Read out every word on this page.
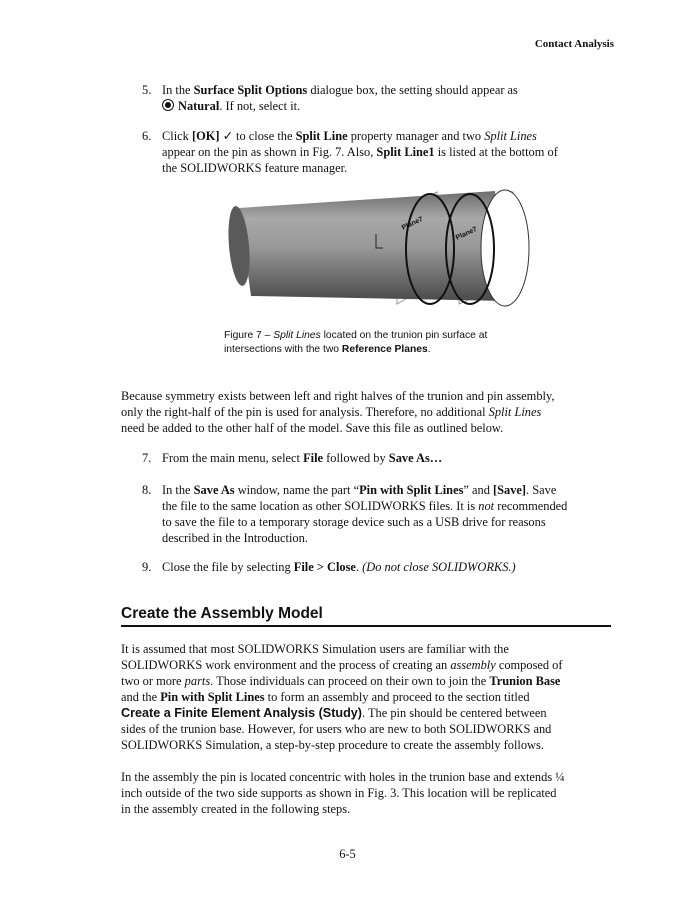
Contact Analysis
5. In the Surface Split Options dialogue box, the setting should appear as
Natural. If not, select it.
6. Click [OK] ✓ to close the Split Line property manager and two Split Lines
appear on the pin as shown in Fig. 7. Also, Split Line1 is listed at the bottom of
the SOLIDWORKS feature manager.
Plane7
Plane7
Figure 7 – Split Lines located on the trunion pin surface at
intersections with the two Reference Planes.
Because symmetry exists between left and right halves of the trunion and pin assembly,
only the right-half of the pin is used for analysis. Therefore, no additional Split Lines
need be added to the other half of the model. Save this file as outlined below.
7. From the main menu, select File followed by Save As…
8. In the Save As window, name the part “Pin with Split Lines” and [Save]. Save
the file to the same location as other SOLIDWORKS files. It is not recommended
to save the file to a temporary storage device such as a USB drive for reasons
described in the Introduction.
9. Close the file by selecting File > Close. (Do not close SOLIDWORKS.)
Create the Assembly Model
It is assumed that most SOLIDWORKS Simulation users are familiar with the
SOLIDWORKS work environment and the process of creating an assembly composed of
two or more parts. Those individuals can proceed on their own to join the Trunion Base
and the Pin with Split Lines to form an assembly and proceed to the section titled
Create a Finite Element Analysis (Study). The pin should be centered between
sides of the trunion base. However, for users who are new to both SOLIDWORKS and
SOLIDWORKS Simulation, a step-by-step procedure to create the assembly follows.
In the assembly the pin is located concentric with holes in the trunion base and extends ¼
inch outside of the two side supports as shown in Fig. 3. This location will be replicated
in the assembly created in the following steps.
6-5
